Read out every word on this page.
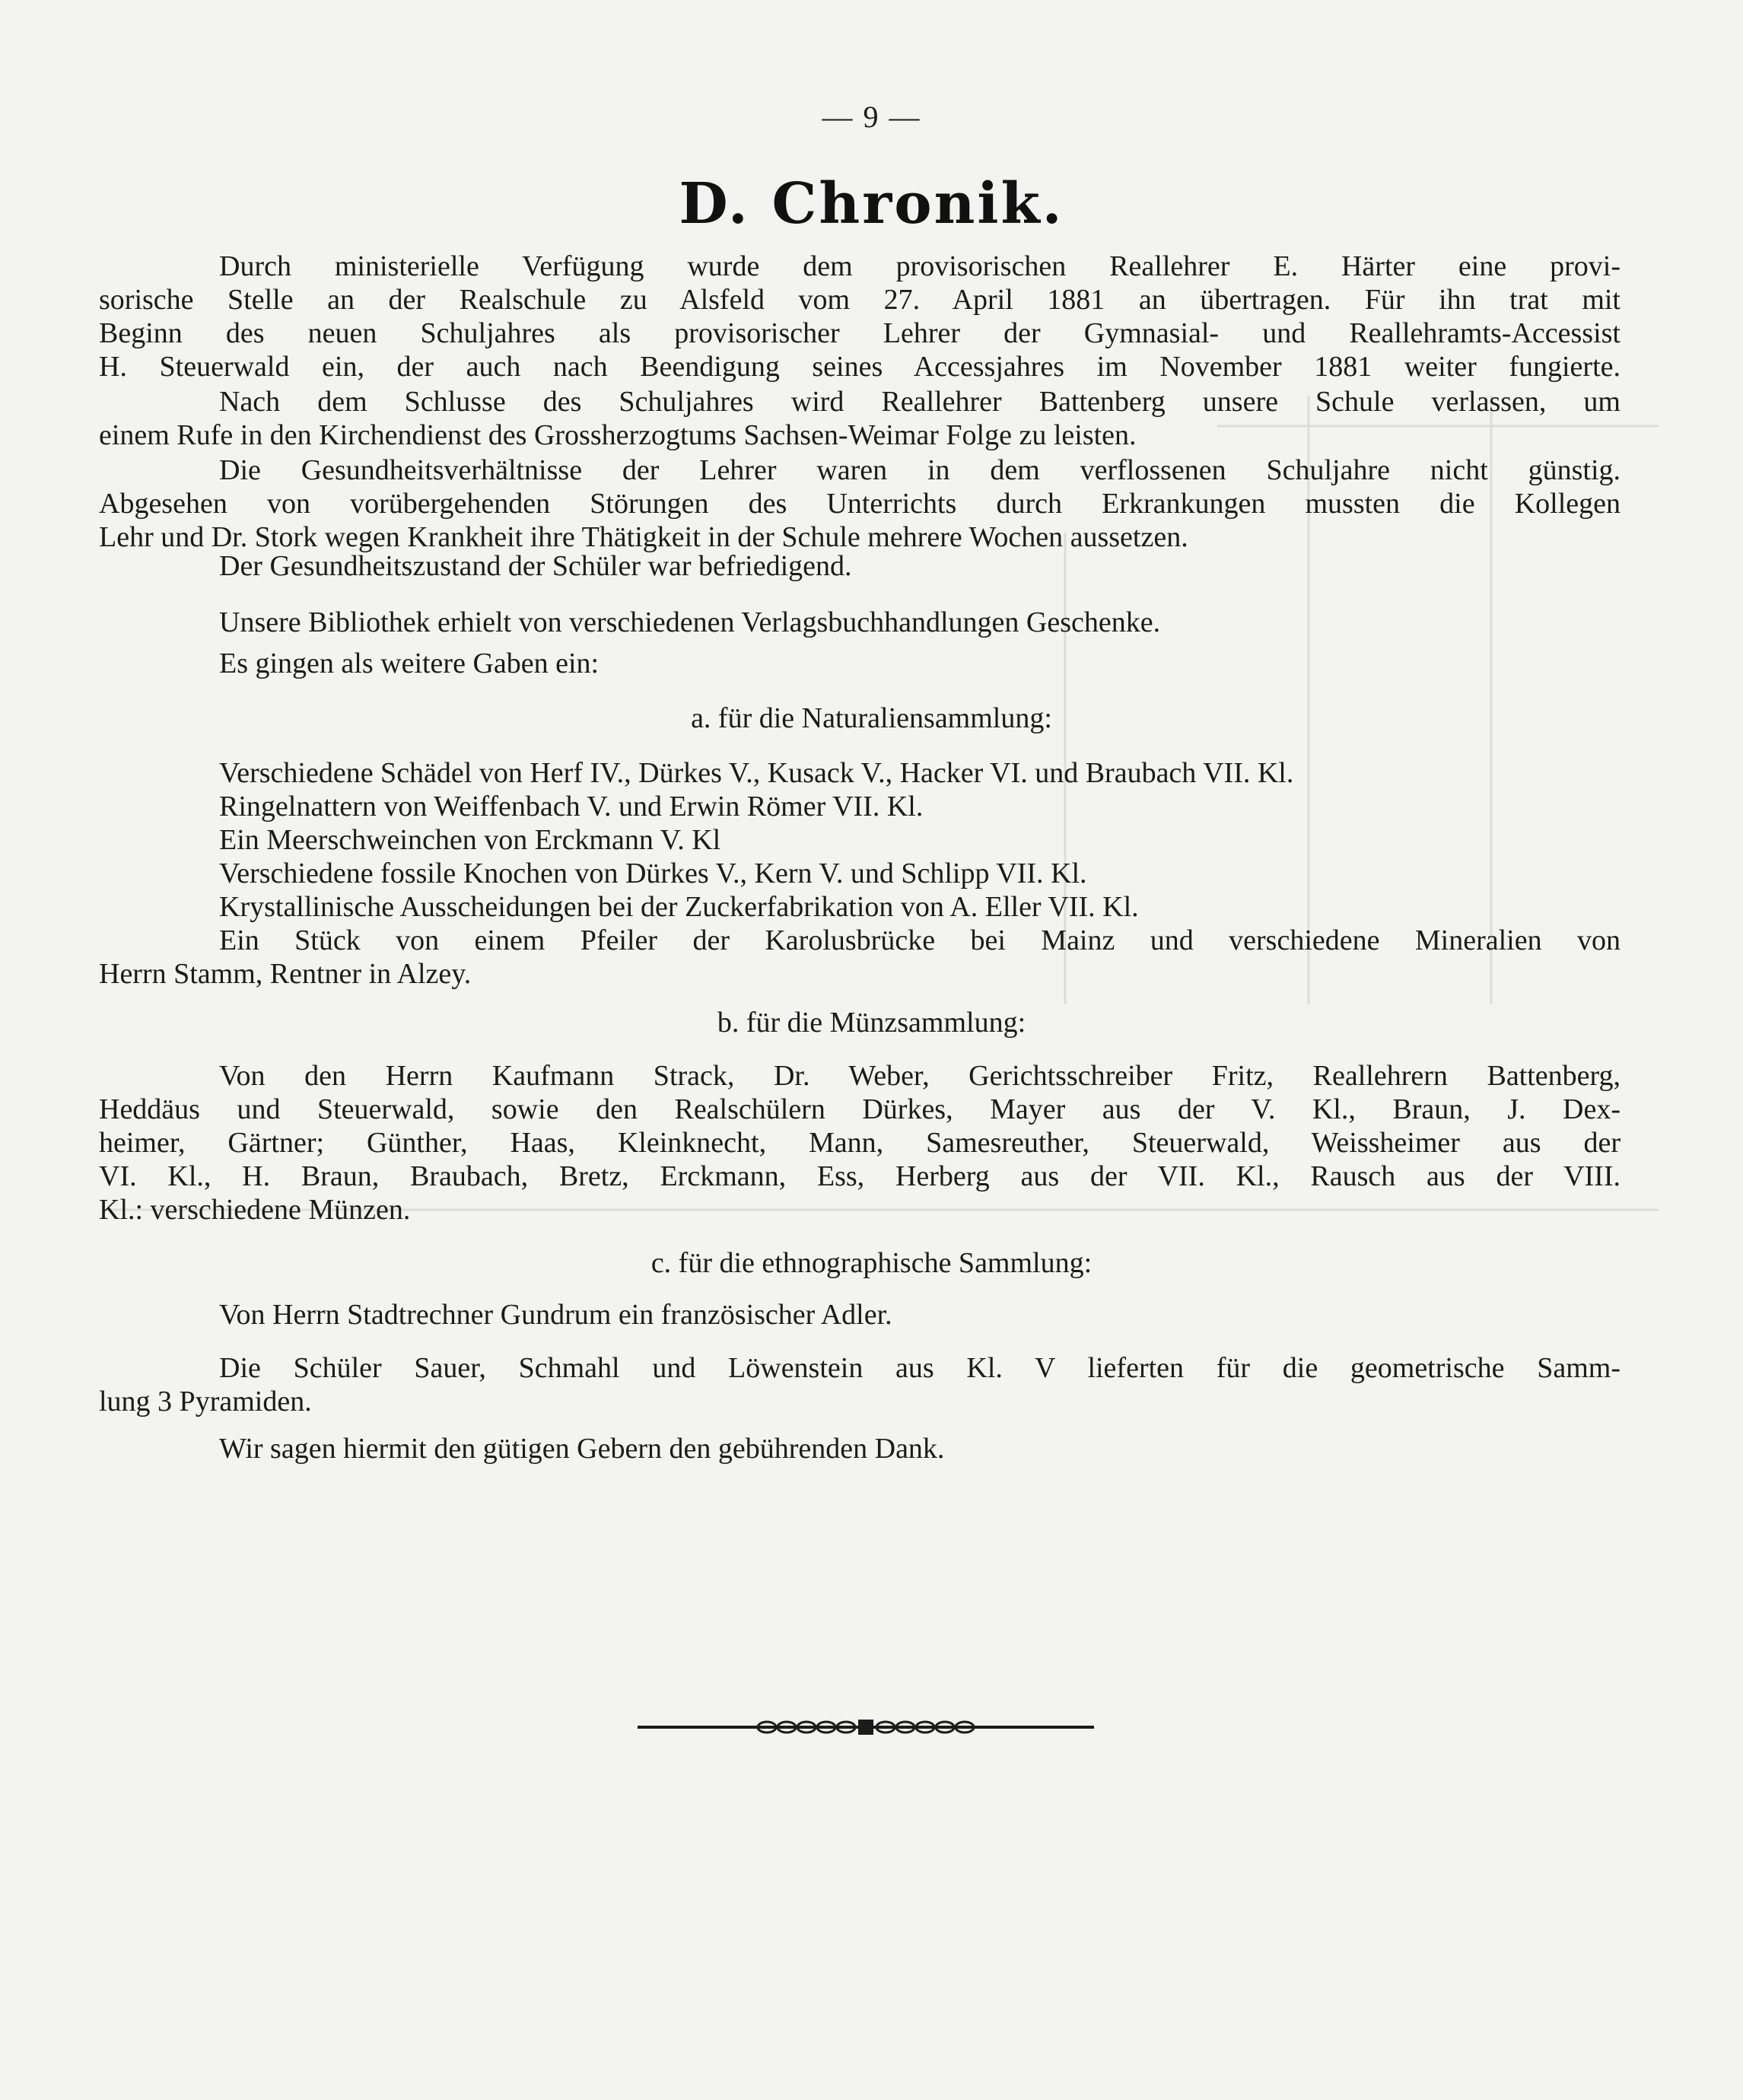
— 9 —
D. Chronik.
Durch ministerielle Verfügung wurde dem provisorischen Reallehrer E. Härter eine provi-
sorische Stelle an der Realschule zu Alsfeld vom 27. April 1881 an übertragen. Für ihn trat mit
Beginn des neuen Schuljahres als provisorischer Lehrer der Gymnasial- und Reallehramts-Accessist
H. Steuerwald ein, der auch nach Beendigung seines Accessjahres im November 1881 weiter fungierte.
Nach dem Schlusse des Schuljahres wird Reallehrer Battenberg unsere Schule verlassen, um
einem Rufe in den Kirchendienst des Grossherzogtums Sachsen-Weimar Folge zu leisten.
Die Gesundheitsverhältnisse der Lehrer waren in dem verflossenen Schuljahre nicht günstig.
Abgesehen von vorübergehenden Störungen des Unterrichts durch Erkrankungen mussten die Kollegen
Lehr und Dr. Stork wegen Krankheit ihre Thätigkeit in der Schule mehrere Wochen aussetzen.
Der Gesundheitszustand der Schüler war befriedigend.
Unsere Bibliothek erhielt von verschiedenen Verlagsbuchhandlungen Geschenke.
Es gingen als weitere Gaben ein:
a. für die Naturaliensammlung:
Verschiedene Schädel von Herf IV., Dürkes V., Kusack V., Hacker VI. und Braubach VII. Kl.
Ringelnattern von Weiffenbach V. und Erwin Römer VII. Kl.
Ein Meerschweinchen von Erckmann V. Kl
Verschiedene fossile Knochen von Dürkes V., Kern V. und Schlipp VII. Kl.
Krystallinische Ausscheidungen bei der Zuckerfabrikation von A. Eller VII. Kl.
Ein Stück von einem Pfeiler der Karolusbrücke bei Mainz und verschiedene Mineralien von
Herrn Stamm, Rentner in Alzey.
b. für die Münzsammlung:
Von den Herrn Kaufmann Strack, Dr. Weber, Gerichtsschreiber Fritz, Reallehrern Battenberg,
Heddäus und Steuerwald, sowie den Realschülern Dürkes, Mayer aus der V. Kl., Braun, J. Dex-
heimer, Gärtner; Günther, Haas, Kleinknecht, Mann, Samesreuther, Steuerwald, Weissheimer aus der
VI. Kl., H. Braun, Braubach, Bretz, Erckmann, Ess, Herberg aus der VII. Kl., Rausch aus der VIII.
Kl.: verschiedene Münzen.
c. für die ethnographische Sammlung:
Von Herrn Stadtrechner Gundrum ein französischer Adler.
Die Schüler Sauer, Schmahl und Löwenstein aus Kl. V lieferten für die geometrische Samm-
lung 3 Pyramiden.
Wir sagen hiermit den gütigen Gebern den gebührenden Dank.
